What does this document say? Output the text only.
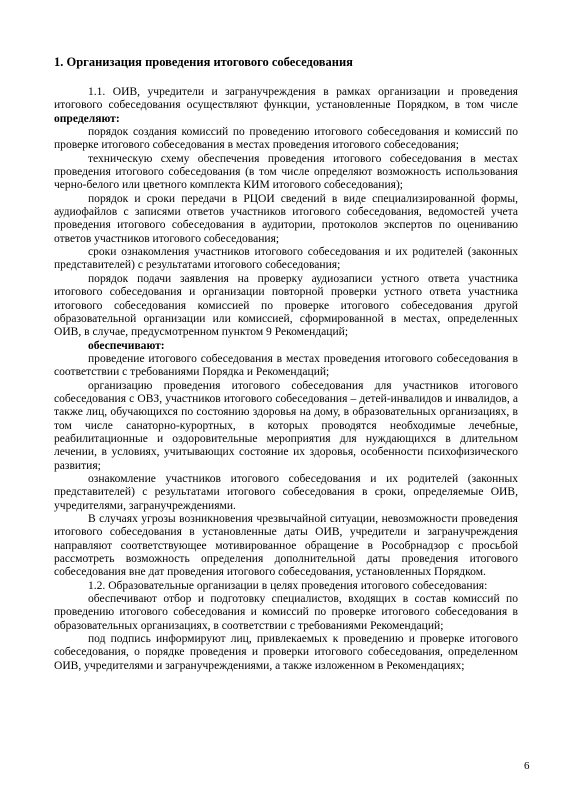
1. Организация проведения итогового собеседования

1.1. ОИВ, учредители и загранучреждения в рамках организации и проведения итогового собеседования осуществляют функции, установленные Порядком, в том числе определяют:

порядок создания комиссий по проведению итогового собеседования и комиссий по проверке итогового собеседования в местах проведения итогового собеседования;

техническую схему обеспечения проведения итогового собеседования в местах проведения итогового собеседования (в том числе определяют возможность использования черно-белого или цветного комплекта КИМ итогового собеседования);

порядок и сроки передачи в РЦОИ сведений в виде специализированной формы, аудиофайлов с записями ответов участников итогового собеседования, ведомостей учета проведения итогового собеседования в аудитории, протоколов экспертов по оцениванию ответов участников итогового собеседования;

сроки ознакомления участников итогового собеседования и их родителей (законных представителей) с результатами итогового собеседования;

порядок подачи заявления на проверку аудиозаписи устного ответа участника итогового собеседования и организации повторной проверки устного ответа участника итогового собеседования комиссией по проверке итогового собеседования другой образовательной организации или комиссией, сформированной в местах, определенных ОИВ, в случае, предусмотренном пунктом 9 Рекомендаций;

обеспечивают:

проведение итогового собеседования в местах проведения итогового собеседования в соответствии с требованиями Порядка и Рекомендаций;

организацию проведения итогового собеседования для участников итогового собеседования с ОВЗ, участников итогового собеседования – детей-инвалидов и инвалидов, а также лиц, обучающихся по состоянию здоровья на дому, в образовательных организациях, в том числе санаторно-курортных, в которых проводятся необходимые лечебные, реабилитационные и оздоровительные мероприятия для нуждающихся в длительном лечении, в условиях, учитывающих состояние их здоровья, особенности психофизического развития;

ознакомление участников итогового собеседования и их родителей (законных представителей) с результатами итогового собеседования в сроки, определяемые ОИВ, учредителями, загранучреждениями.

В случаях угрозы возникновения чрезвычайной ситуации, невозможности проведения итогового собеседования в установленные даты ОИВ, учредители и загранучреждения направляют соответствующее мотивированное обращение в Рособрнадзор с просьбой рассмотреть возможность определения дополнительной даты проведения итогового собеседования вне дат проведения итогового собеседования, установленных Порядком.

1.2. Образовательные организации в целях проведения итогового собеседования:

обеспечивают отбор и подготовку специалистов, входящих в состав комиссий по проведению итогового собеседования и комиссий по проверке итогового собеседования в образовательных организациях, в соответствии с требованиями Рекомендаций;

под подпись информируют лиц, привлекаемых к проведению и проверке итогового собеседования, о порядке проведения и проверки итогового собеседования, определенном ОИВ, учредителями и загранучреждениями, а также изложенном в Рекомендациях;

6
